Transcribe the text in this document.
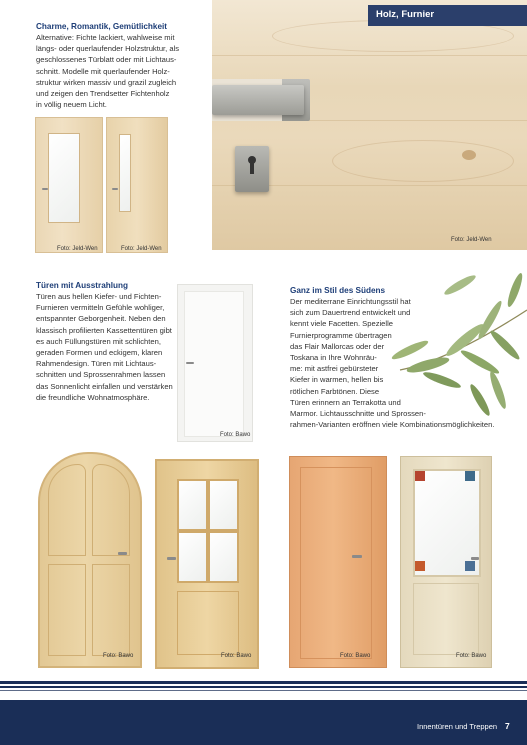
Holz, Furnier
Foto: Jeld-Wen
Charme, Romantik, Gemütlichkeit
Alternative: Fichte lackiert, wahlweise mit
längs- oder querlaufender Holzstruktur, als
geschlossenes Türblatt oder mit Lichtaus-
schnitt. Modelle mit querlaufender Holz-
struktur wirken massiv und grazil zugleich
und zeigen den Trendsetter Fichtenholz
in völlig neuem Licht.
Foto: Jeld-Wen	Foto: Jeld-Wen
Türen mit Ausstrahlung
Türen aus hellen Kiefer- und Fichten-
Furnieren vermitteln Gefühle wohliger,
entspannter Geborgenheit. Neben den
klassisch profilierten Kassettentüren gibt
es auch Füllungstüren mit schlichten,
geraden Formen und eckigem, klaren
Rahmendesign. Türen mit Lichtaus-
schnitten und Sprossenrahmen lassen
das Sonnenlicht einfallen und verstärken
die freundliche Wohnatmosphäre.
Foto: Bawo
Ganz im Stil des Südens
Der mediterrane Einrichtungsstil hat
sich zum Dauertrend entwickelt und
kennt viele Facetten. Spezielle
Furnierprogramme übertragen
das Flair Mallorcas oder der
Toskana in Ihre Wohnräu-
me: mit astfrei gebürsteter
Kiefer in warmen, hellen bis
rötlichen Farbtönen. Diese
Türen erinnern an Terrakotta und
Marmor. Lichtausschnitte und Sprossen-
rahmen-Varianten eröffnen viele Kombinationsmöglichkeiten.
Foto: Bawo	Foto: Bawo	Foto: Bawo	Foto: Bawo
Innentüren und Treppen 7
